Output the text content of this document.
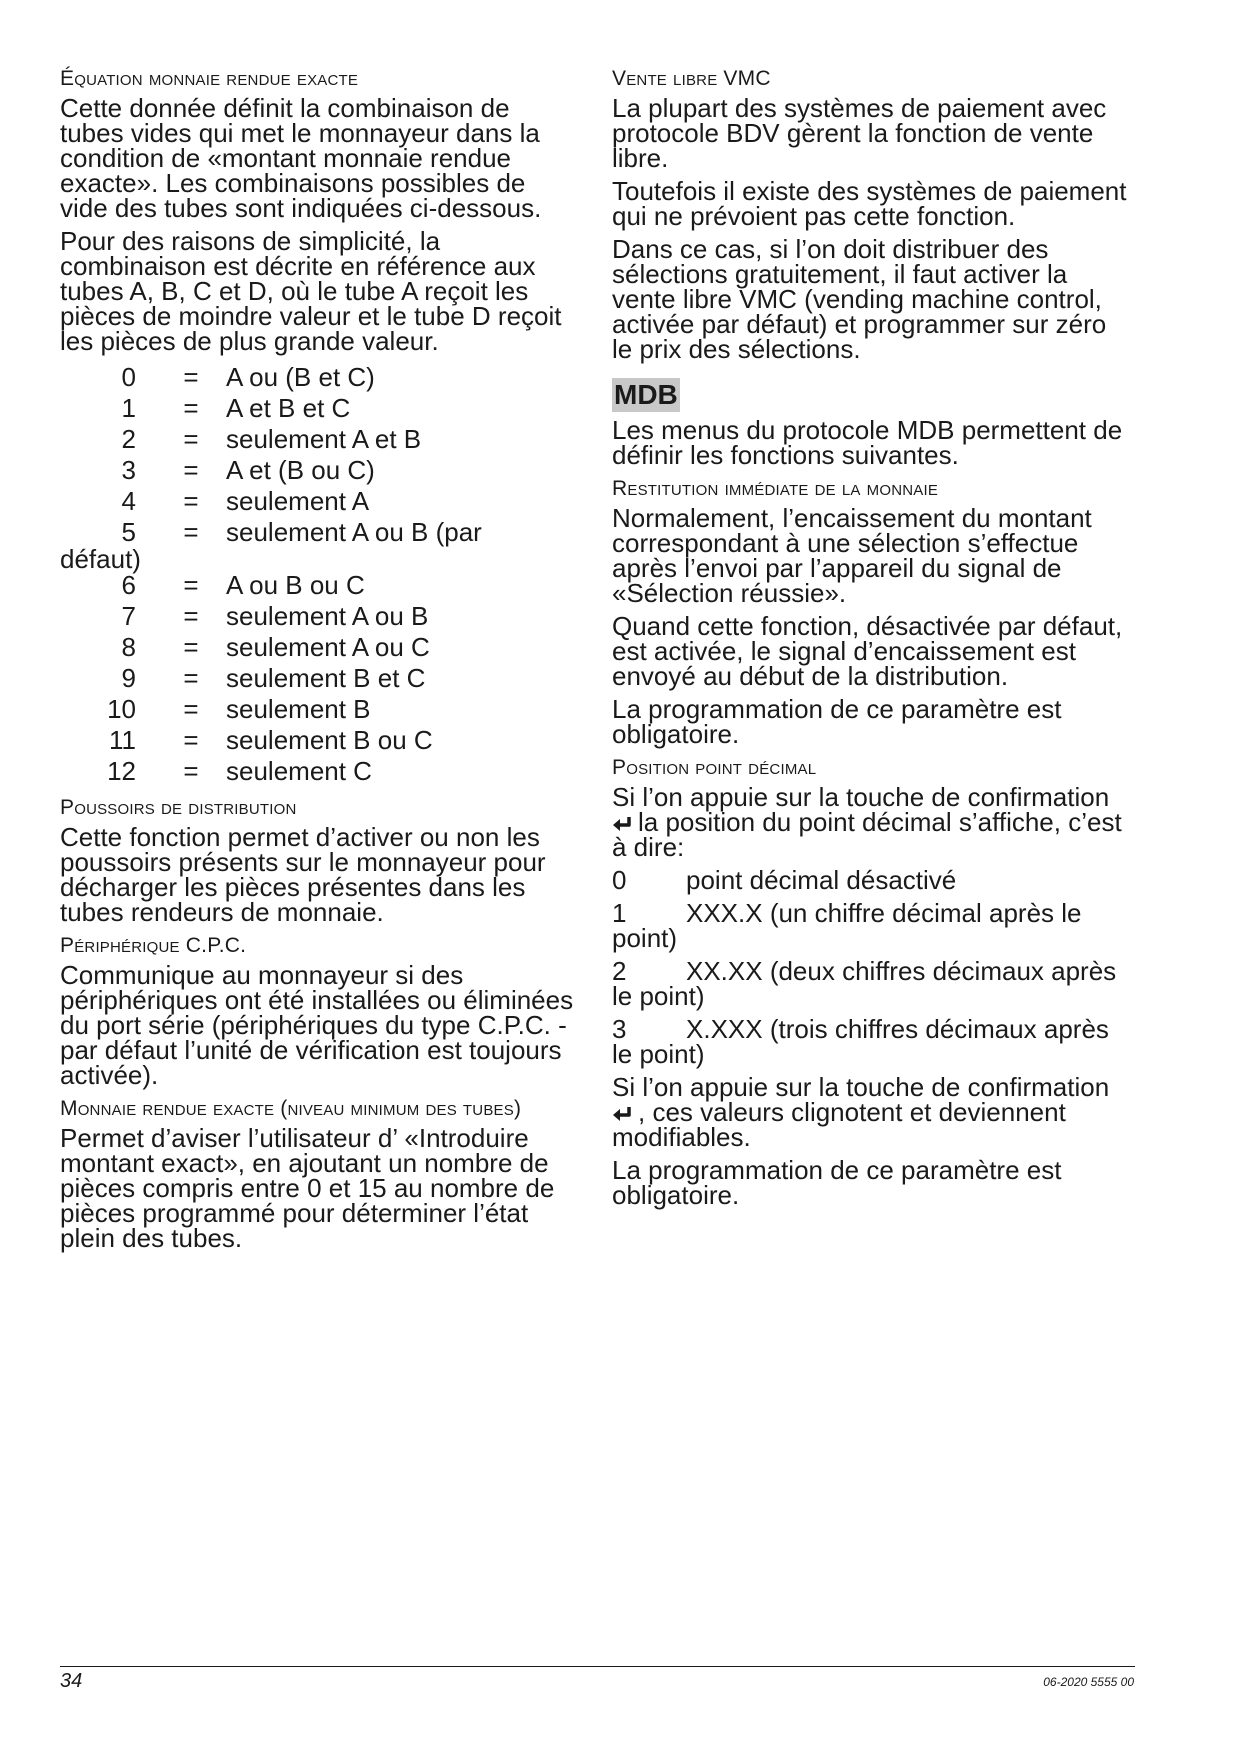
Équation monnaie rendue exacte

Cette donnée définit la combinaison de tubes vides qui met le monnayeur dans la condition de «montant monnaie rendue exacte». Les combinaisons possibles de vide des tubes sont indiquées ci-dessous.

Pour des raisons de simplicité, la combinaison est décrite en référence aux tubes A, B, C et D, où le tube A reçoit les pièces de moindre valeur et le tube D reçoit les pièces de plus grande valeur.

0	=	A ou (B et C)
1	=	A et B et C
2	=	seulement A et B
3	=	A et (B ou C)
4	=	seulement A
5	=	seulement A ou B (par
défaut)
6	=	A ou B ou C
7	=	seulement A ou B
8	=	seulement A ou C
9	=	seulement B et C
10	=	seulement B
11	=	seulement B ou C
12	=	seulement C
Poussoirs de distribution

Cette fonction permet d’activer ou non les poussoirs présents sur le monnayeur pour décharger les pièces présentes dans les tubes rendeurs de monnaie.

Périphérique C.P.C.

Communique au monnayeur si des périphériques ont été installées ou éliminées du port série (périphériques du type C.P.C. - par défaut l’unité de vérification est toujours activée).

Monnaie rendue exacte (niveau minimum des tubes)

Permet d’aviser l’utilisateur d’ «Introduire montant exact», en ajoutant un nombre de pièces compris entre 0 et 15 au nombre de pièces programmé pour déterminer l’état plein des tubes.

Vente libre VMC

La plupart des systèmes de paiement avec protocole BDV gèrent la fonction de vente libre.

Toutefois il existe des systèmes de paiement qui ne prévoient pas cette fonction.

Dans ce cas, si l’on doit distribuer des sélections gratuitement, il faut activer la vente libre VMC (vending machine control, activée par défaut) et programmer sur zéro le prix des sélections.

MDB

Les menus du protocole MDB permettent de définir les fonctions suivantes.

Restitution immédiate de la monnaie

Normalement, l’encaissement du montant correspondant à une sélection s’effectue après l’envoi par l’appareil du signal de «Sélection réussie».

Quand cette fonction, désactivée par défaut, est activée, le signal d’encaissement est envoyé au début de la distribution.

La programmation de ce paramètre est obligatoire.

Position point décimal

Si l’on appuie sur la touche de confirmation
la position du point décimal s’affiche, c’est à dire:

0 point décimal désactivé
1 XXX.X (un chiffre décimal après le point)
2 XX.XX (deux chiffres décimaux après le point)
3 X.XXX (trois chiffres décimaux après le point)

Si l’on appuie sur la touche de confirmation
, ces valeurs clignotent et deviennent modifiables.

La programmation de ce paramètre est obligatoire.

34	06-2020 5555 00
